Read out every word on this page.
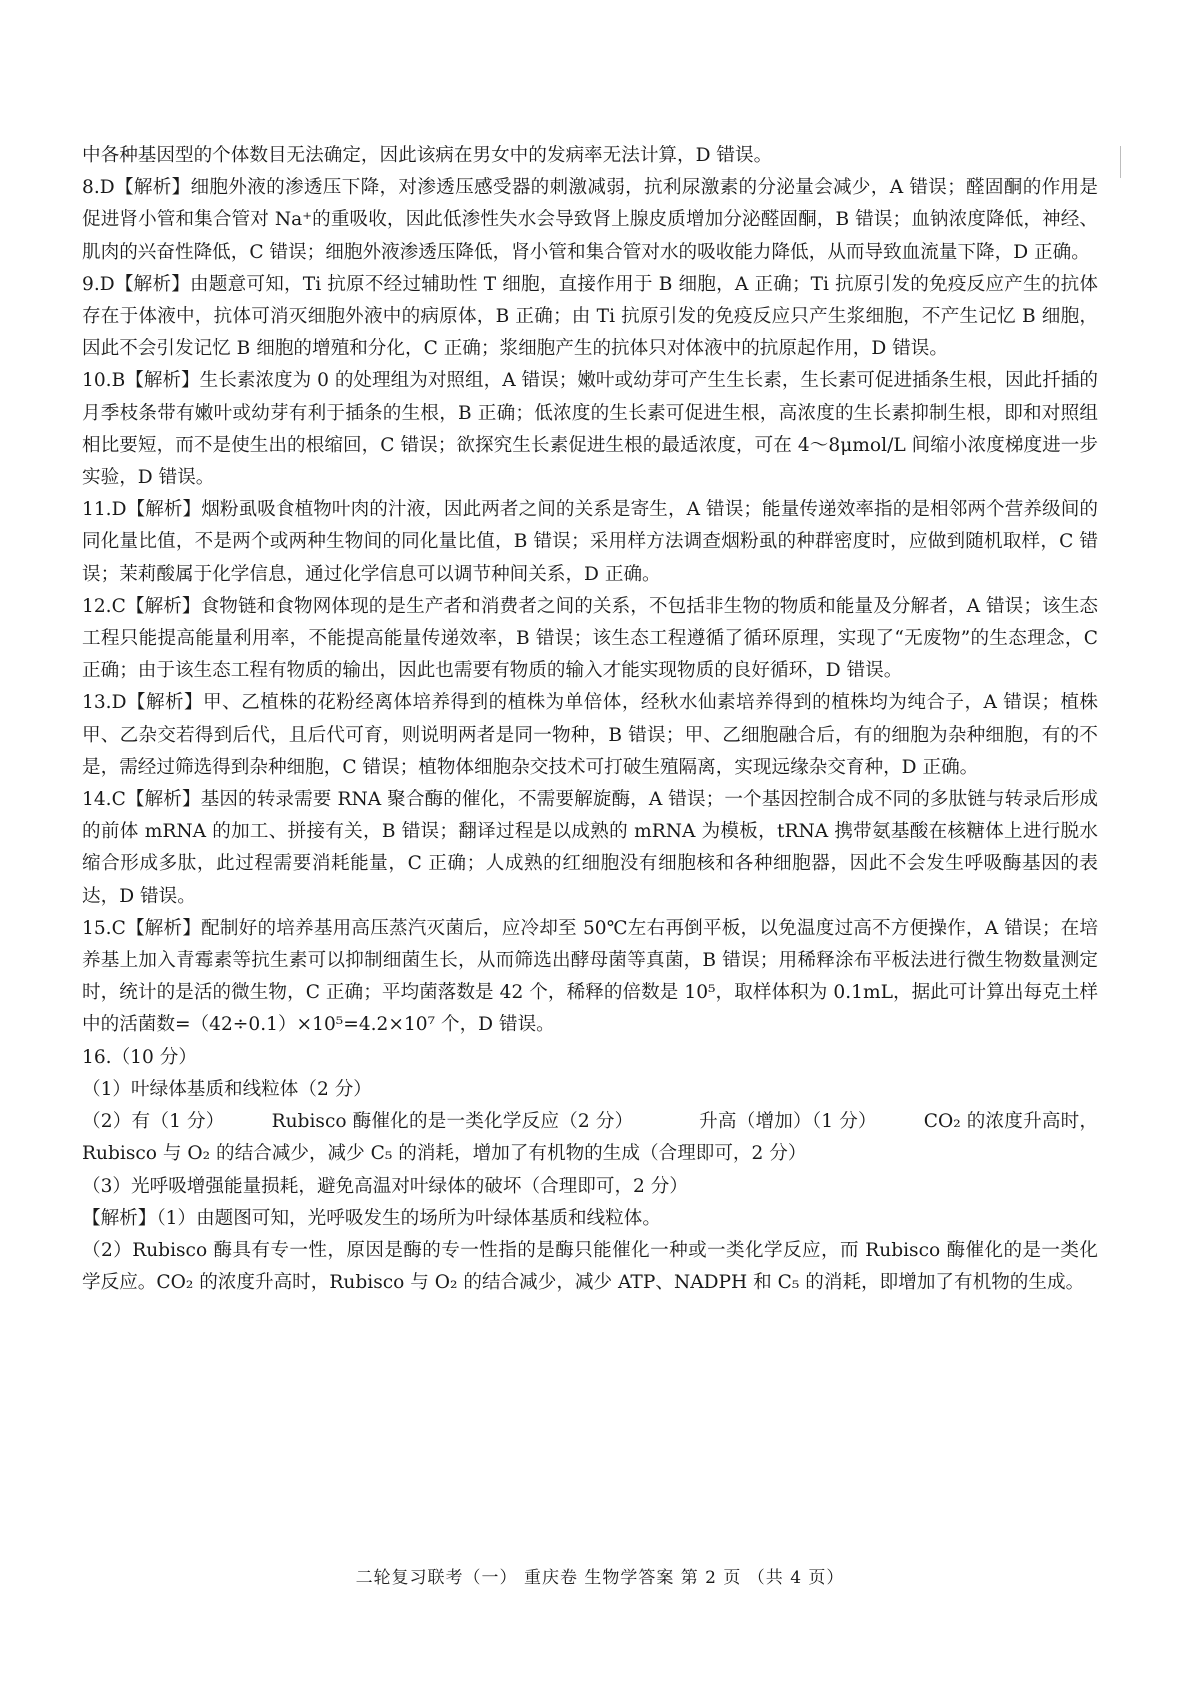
中各种基因型的个体数目无法确定，因此该病在男女中的发病率无法计算，D 错误。

8.D【解析】细胞外液的渗透压下降，对渗透压感受器的刺激减弱，抗利尿激素的分泌量会减少，A 错误；醛固酮的作用是促进肾小管和集合管对 Na⁺的重吸收，因此低渗性失水会导致肾上腺皮质增加分泌醛固酮，B 错误；血钠浓度降低，神经、肌肉的兴奋性降低，C 错误；细胞外液渗透压降低，肾小管和集合管对水的吸收能力降低，从而导致血流量下降，D 正确。

9.D【解析】由题意可知，Ti 抗原不经过辅助性 T 细胞，直接作用于 B 细胞，A 正确；Ti 抗原引发的免疫反应产生的抗体存在于体液中，抗体可消灭细胞外液中的病原体，B 正确；由 Ti 抗原引发的免疫反应只产生浆细胞，不产生记忆 B 细胞，因此不会引发记忆 B 细胞的增殖和分化，C 正确；浆细胞产生的抗体只对体液中的抗原起作用，D 错误。

10.B【解析】生长素浓度为 0 的处理组为对照组，A 错误；嫩叶或幼芽可产生生长素，生长素可促进插条生根，因此扦插的月季枝条带有嫩叶或幼芽有利于插条的生根，B 正确；低浓度的生长素可促进生根，高浓度的生长素抑制生根，即和对照组相比要短，而不是使生出的根缩回，C 错误；欲探究生长素促进生根的最适浓度，可在 4～8μmol/L 间缩小浓度梯度进一步实验，D 错误。

11.D【解析】烟粉虱吸食植物叶肉的汁液，因此两者之间的关系是寄生，A 错误；能量传递效率指的是相邻两个营养级间的同化量比值，不是两个或两种生物间的同化量比值，B 错误；采用样方法调查烟粉虱的种群密度时，应做到随机取样，C 错误；茉莉酸属于化学信息，通过化学信息可以调节种间关系，D 正确。

12.C【解析】食物链和食物网体现的是生产者和消费者之间的关系，不包括非生物的物质和能量及分解者，A 错误；该生态工程只能提高能量利用率，不能提高能量传递效率，B 错误；该生态工程遵循了循环原理，实现了“无废物”的生态理念，C 正确；由于该生态工程有物质的输出，因此也需要有物质的输入才能实现物质的良好循环，D 错误。

13.D【解析】甲、乙植株的花粉经离体培养得到的植株为单倍体，经秋水仙素培养得到的植株均为纯合子，A 错误；植株甲、乙杂交若得到后代，且后代可育，则说明两者是同一物种，B 错误；甲、乙细胞融合后，有的细胞为杂种细胞，有的不是，需经过筛选得到杂种细胞，C 错误；植物体细胞杂交技术可打破生殖隔离，实现远缘杂交育种，D 正确。

14.C【解析】基因的转录需要 RNA 聚合酶的催化，不需要解旋酶，A 错误；一个基因控制合成不同的多肽链与转录后形成的前体 mRNA 的加工、拼接有关，B 错误；翻译过程是以成熟的 mRNA 为模板，tRNA 携带氨基酸在核糖体上进行脱水缩合形成多肽，此过程需要消耗能量，C 正确；人成熟的红细胞没有细胞核和各种细胞器，因此不会发生呼吸酶基因的表达，D 错误。

15.C【解析】配制好的培养基用高压蒸汽灭菌后，应冷却至 50℃左右再倒平板，以免温度过高不方便操作，A 错误；在培养基上加入青霉素等抗生素可以抑制细菌生长，从而筛选出酵母菌等真菌，B 错误；用稀释涂布平板法进行微生物数量测定时，统计的是活的微生物，C 正确；平均菌落数是 42 个，稀释的倍数是 10⁵，取样体积为 0.1mL，据此可计算出每克土样中的活菌数=（42÷0.1）×10⁵=4.2×10⁷ 个，D 错误。

16.（10 分）

（1）叶绿体基质和线粒体（2 分）

（2）有（1 分）　　　Rubisco 酶催化的是一类化学反应（2 分）　　　　升高（增加）（1 分）　　　CO₂ 的浓度升高时，Rubisco 与 O₂ 的结合减少，减少 C₅ 的消耗，增加了有机物的生成（合理即可，2 分）

（3）光呼吸增强能量损耗，避免高温对叶绿体的破坏（合理即可，2 分）

【解析】（1）由题图可知，光呼吸发生的场所为叶绿体基质和线粒体。

（2）Rubisco 酶具有专一性，原因是酶的专一性指的是酶只能催化一种或一类化学反应，而 Rubisco 酶催化的是一类化学反应。CO₂ 的浓度升高时，Rubisco 与 O₂ 的结合减少，减少 ATP、NADPH 和 C₅ 的消耗，即增加了有机物的生成。

二轮复习联考（一） 重庆卷 生物学答案 第 2 页 （共 4 页）
